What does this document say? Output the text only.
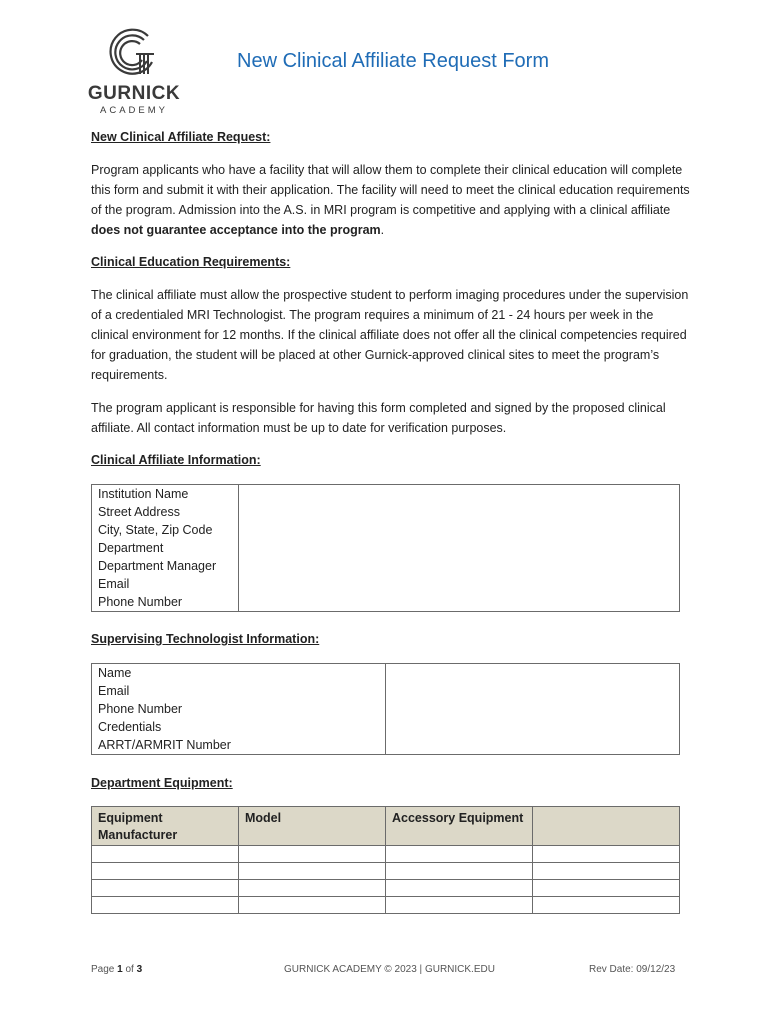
GURNICK
ACADEMY
New Clinical Affiliate Request Form
New Clinical Affiliate Request:
Program applicants who have a facility that will allow them to complete their clinical education will complete this form and submit it with their application. The facility will need to meet the clinical education requirements of the program. Admission into the A.S. in MRI program is competitive and applying with a clinical affiliate does not guarantee acceptance into the program.
Clinical Education Requirements:
The clinical affiliate must allow the prospective student to perform imaging procedures under the supervision of a credentialed MRI Technologist. The program requires a minimum of 21 - 24 hours per week in the clinical environment for 12 months. If the clinical affiliate does not offer all the clinical competencies required for graduation, the student will be placed at other Gurnick-approved clinical sites to meet the program’s requirements.
The program applicant is responsible for having this form completed and signed by the proposed clinical affiliate. All contact information must be up to date for verification purposes.
Clinical Affiliate Information:
Institution Name
Street Address
City, State, Zip Code
Department
Department Manager
Email
Phone Number

Supervising Technologist Information:
Name
Email
Phone Number
Credentials
ARRT/ARMRIT Number

Department Equipment:
Equipment Manufacturer	Model	Accessory Equipment	

Page 1 of 3	GURNICK ACADEMY © 2023 | GURNICK.EDU	Rev Date: 09/12/23
